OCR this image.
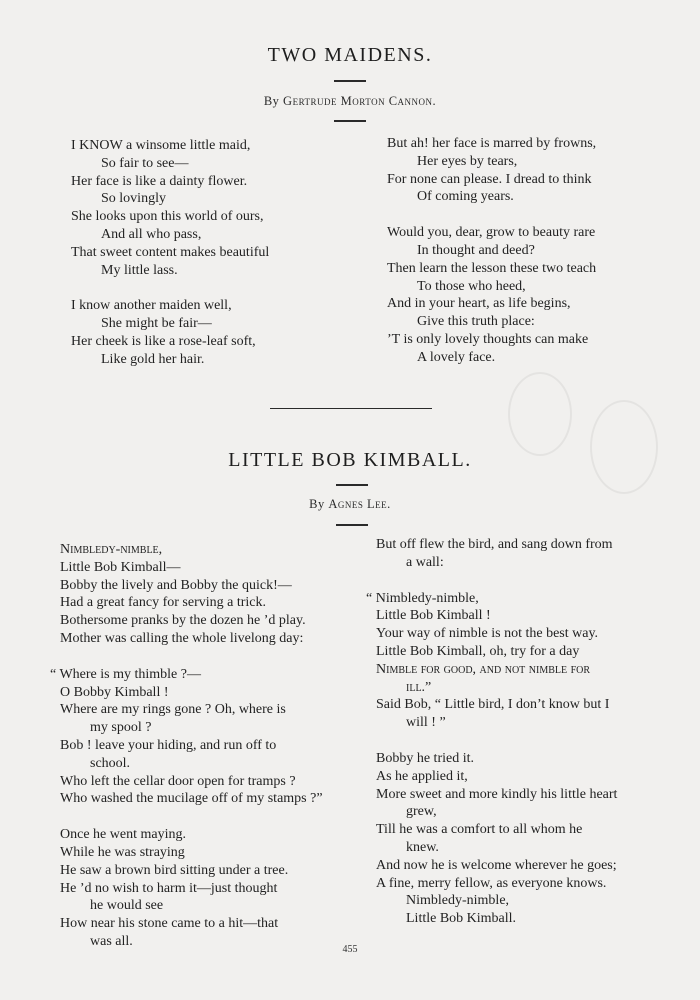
TWO MAIDENS.
By Gertrude Morton Cannon.

I KNOW a winsome little maid,

So fair to see—

Her face is like a dainty flower.

So lovingly

She looks upon this world of ours,

And all who pass,

That sweet content makes beautiful

My little lass.

I know another maiden well,

She might be fair—

Her cheek is like a rose-leaf soft,

Like gold her hair.

But ah! her face is marred by frowns,

Her eyes by tears,

For none can please. I dread to think

Of coming years.

Would you, dear, grow to beauty rare

In thought and deed?

Then learn the lesson these two teach

To those who heed,

And in your heart, as life begins,

Give this truth place:

’T is only lovely thoughts can make

A lovely face.

LITTLE BOB KIMBALL.
By Agnes Lee.

Nimbledy-nimble,

Little Bob Kimball—

Bobby the lively and Bobby the quick!—

Had a great fancy for serving a trick.

Bothersome pranks by the dozen he ’d play.

Mother was calling the whole livelong day:

“ Where is my thimble ?—

O Bobby Kimball !

Where are my rings gone ? Oh, where is

my spool ?

Bob ! leave your hiding, and run off to

school.

Who left the cellar door open for tramps ?

Who washed the mucilage off of my stamps ?”

Once he went maying.

While he was straying

He saw a brown bird sitting under a tree.

He ’d no wish to harm it—just thought

he would see

How near his stone came to a hit—that

was all.

But off flew the bird, and sang down from

a wall:

“ Nimbledy-nimble,

Little Bob Kimball !

Your way of nimble is not the best way.

Little Bob Kimball, oh, try for a day

Nimble for good, and not nimble for

ill.”

Said Bob, “ Little bird, I don’t know but I

will ! ”

Bobby he tried it.

As he applied it,

More sweet and more kindly his little heart

grew,

Till he was a comfort to all whom he

knew.

And now he is welcome wherever he goes;

A fine, merry fellow, as everyone knows.

Nimbledy-nimble,

Little Bob Kimball.

455
